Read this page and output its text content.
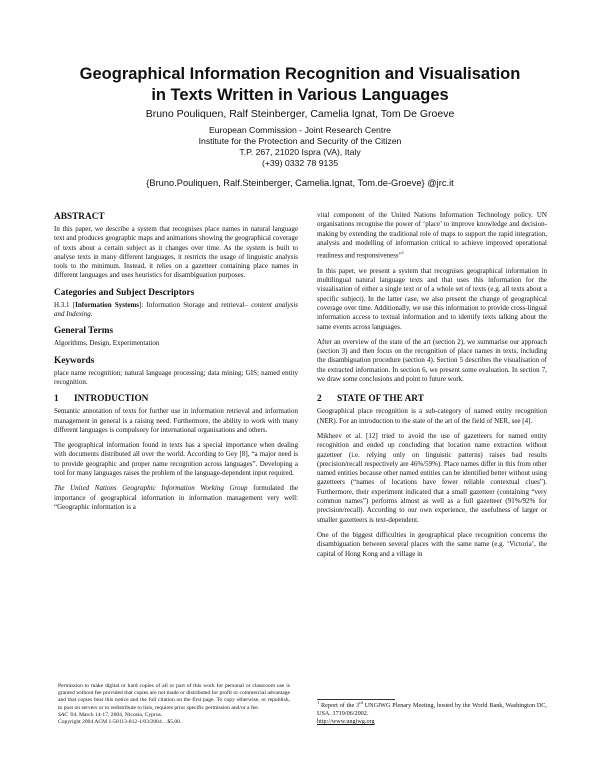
Geographical Information Recognition and Visualisation
in Texts Written in Various Languages
Bruno Pouliquen, Ralf Steinberger, Camelia Ignat, Tom De Groeve
European Commission - Joint Research Centre
Institute for the Protection and Security of the Citizen
T.P. 267, 21020 Ispra (VA), Italy
(+39) 0332 78 9135
{Bruno.Pouliquen, Ralf.Steinberger, Camelia.Ignat, Tom.de-Groeve} @jrc.it
ABSTRACT

In this paper, we describe a system that recognises place names in natural language text and produces geographic maps and animations showing the geographical coverage of texts about a certain subject as it changes over time. As the system is built to analyse texts in many different languages, it restricts the usage of linguistic analysis tools to the minimum. Instead, it relies on a gazetteer containing place names in different languages and uses heuristics for disambiguation purposes.

Categories and Subject Descriptors

H.3.1 [Information Systems]: Information Storage and retrieval– content analysis and Indexing.

General Terms

Algorithms, Design, Experimentation

Keywords

place name recognition; natural language processing; data mining; GIS; named entity recognition.

1 INTRODUCTION

Semantic annotation of texts for further use in information retrieval and information management in general is a raising need. Furthermore, the ability to work with many different languages is compulsory for international organisations and others.

The geographical information found in texts has a special importance when dealing with documents distributed all over the world. According to Gey [8], “a major need is to provide geographic and proper name recognition across languages”. Developing a tool for many languages raises the problem of the language-dependent input required.

The United Nations Geographic Information Working Group formulated the importance of geographical information in information management very well: “Geographic information is a

Permission to make digital or hard copies of all or part of this work for personal or classroom use is granted without fee provided that copies are not made or distributed for profit or commercial advantage and that copies bear this notice and the full citation on the first page. To copy otherwise, or republish, to post on servers or to redistribute to lists, requires prior specific permission and/or a fee.
SAC '04, March 14-17, 2004, Nicosia, Cyprus.
Copyright 2004 ACM 1-58113-812-1/03/2004…$5.00.

vital component of the United Nations Information Technology policy. UN organisations recognise the power of ‘place’ to improve knowledge and decision-making by extending the traditional role of maps to support the rapid integration, analysis and modelling of information critical to achieve improved operational readiness and responsiveness”$^1$

In this paper, we present a system that recognises geographical information in multilingual natural language texts and that uses this information for the visualisation of either a single text or of a whole set of texts (e.g. all texts about a specific subject). In the latter case, we also present the change of geographical coverage over time. Additionally, we use this information to provide cross-lingual information access to textual information and to identify texts talking about the same events across languages.

After an overview of the state of the art (section 2), we summarise our approach (section 3) and then focus on the recognition of place names in texts, including the disambiguation procedure (section 4). Section 5 describes the visualisation of the extracted information. In section 6, we present some evaluation. In section 7, we draw some conclusions and point to future work.

2 STATE OF THE ART

Geographical place recognition is a sub-category of named entity recognition (NER). For an introduction to the state of the art of the field of NER, see [4].

Mikheev et al. [12] tried to avoid the use of gazetteers for named entity recognition and ended up concluding that location name extraction without gazetteer (i.e. relying only on linguistic patterns) raises bad results (precision/recall respectively are 46%/59%). Place names differ in this from other named entities because other named entities can be identified better without using gazetteers (“names of locations have fewer reliable contextual clues”). Furthermore, their experiment indicated that a small gazetteer (containing “very common names”) performs almost as well as a full gazetteer (91%/92% for precision/recall). According to our own experience, the usefulness of larger or smaller gazetteers is text-dependent.

One of the biggest difficulties in geographical place recognition concerns the disambiguation between several places with the same name (e.g. ‘Victoria’, the capital of Hong Kong and a village in

$^1$ Report of the 3rd UNGIWG Plenary Meeting, hosted by the World Bank, Washington DC, USA. 1719/06/2002.
http://www.ungiwg.org
